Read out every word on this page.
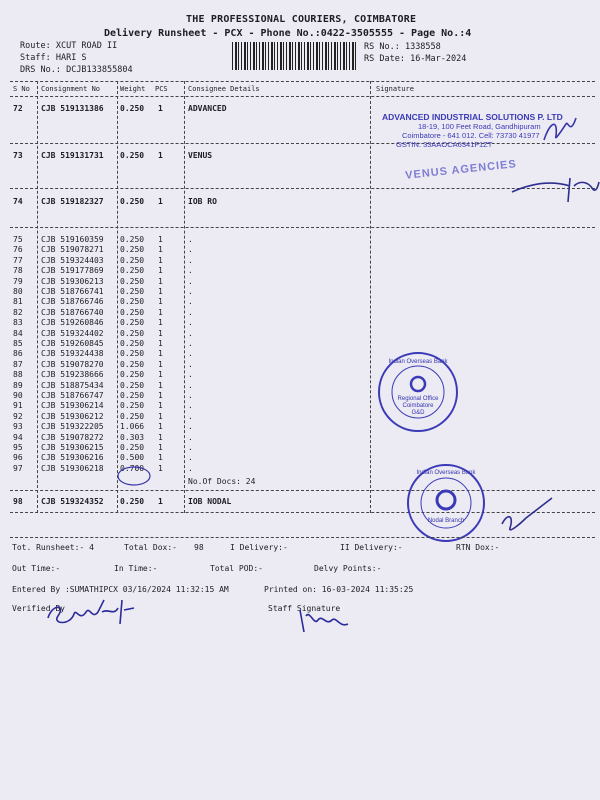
THE PROFESSIONAL COURIERS, COIMBATORE
Delivery Runsheet - PCX - Phone No.:0422-3505555 - Page No.:4
Route: XCUT ROAD II
Staff: HARI S
DRS No.: DCJB133855804
RS No.: 1338558
RS Date: 16-Mar-2024
S No Consignment No	Weight PCS	Consignee Details	Signature
72 CJB 519131386 0.250 1	ADVANCED
73 CJB 519131731 0.250 1	VENUS
74 CJB 519182327 0.250 1	IOB RO
75 CJB 519160359 0.250 1	.
76 CJB 519078271 0.250 1	.
77 CJB 519324403 0.250 1	.
78 CJB 519177869 0.250 1	.
79 CJB 519306213 0.250 1	.
80 CJB 518766741 0.250 1	.
81 CJB 518766746 0.250 1	.
82 CJB 518766740 0.250 1	.
83 CJB 519260846 0.250 1	.
84 CJB 519324402 0.250 1	.
85 CJB 519260845 0.250 1	.
86 CJB 519324438 0.250 1	.
87 CJB 519078270 0.250 1	.
88 CJB 519238666 0.250 1	.
89 CJB 518875434 0.250 1	.
90 CJB 518766747 0.250 1	.
91 CJB 519306214 0.250 1	.
92 CJB 519306212 0.250 1	.
93 CJB 519322205 1.066 1	.
94 CJB 519078272 0.303 1	.
95 CJB 519306215 0.250 1	.
96 CJB 519306216 0.500 1	.
97 CJB 519306218 0.700 1	.
98 CJB 519324352 0.250 1	IOB NODAL
No.Of Docs: 24
ADVANCED INDUSTRIAL SOLUTIONS P. LTD
18-19, 100 Feet Road, Gandhipuram
Coimbatore - 641 012. Cell: 73730 41977
GSTIN: 33AAOCA6341F1ZT
VENUS AGENCIES
Indian Overseas Bank
Regional Office
Coimbatore
G&D
Indian Overseas Bank
Nodal Branch
Tot. Runsheet:- 4	Total Dox:- 98	I Delivery:-	II Delivery:-	RTN Dox:-
Out Time:-	In Time:-	Total POD:-	Delvy Points:-
Entered By :SUMATHIPCX 03/16/2024 11:32:15 AM	Printed on: 16-03-2024 11:35:25
Verified By	Staff Signature
